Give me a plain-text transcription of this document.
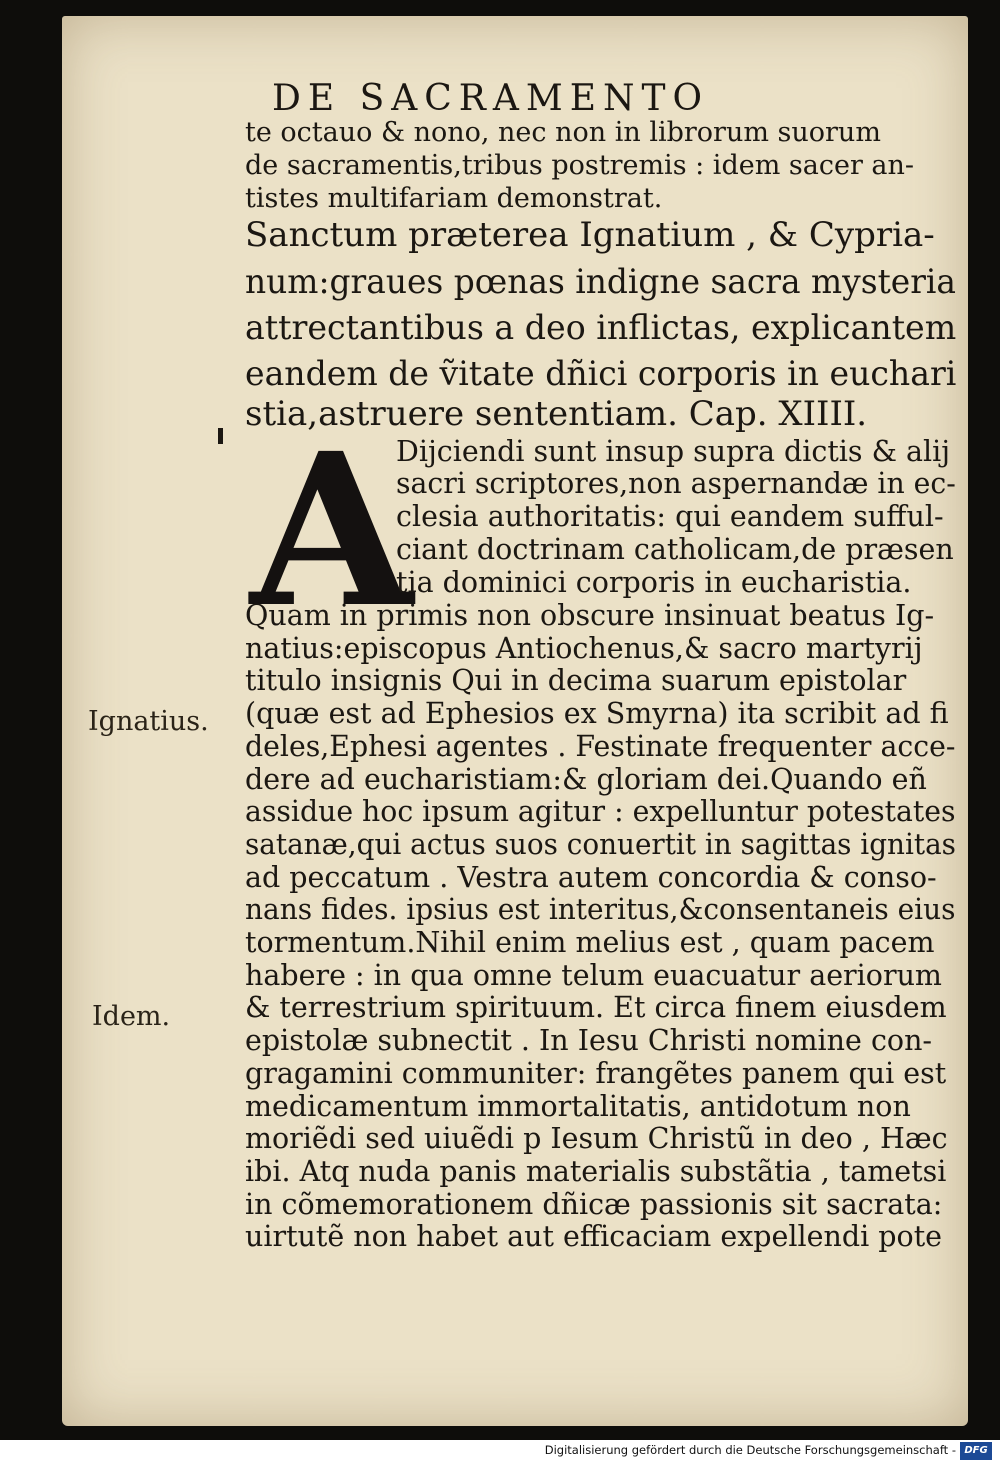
DE SACRAMENTO
te octauo & nono, nec non in librorum suorum
de sacramentis,tribus postremis : idem sacer an-
tistes multifariam demonstrat.
Sanctum præterea Ignatium , & Cypria-
num:graues pœnas indigne sacra mysteria
attrectantibus a deo inflictas, explicantem
eandem de ṽitate dñici corporis in euchari
stia,astruere sententiam. Cap. XIIII.
A
Dijciendi sunt insup supra dictis & alij
sacri scriptores,non aspernandæ in ec-
clesia authoritatis: qui eandem sufful-
ciant doctrinam catholicam,de præsen
tia dominici corporis in eucharistia.
Quam in primis non obscure insinuat beatus Ig-
natius:episcopus Antiochenus,& sacro martyrij
titulo insignis Qui in decima suarum epistolar
(quæ est ad Ephesios ex Smyrna) ita scribit ad fi
deles,Ephesi agentes . Festinate frequenter acce-
dere ad eucharistiam:& gloriam dei.Quando eñ
assidue hoc ipsum agitur : expelluntur potestates
satanæ,qui actus suos conuertit in sagittas ignitas
ad peccatum . Vestra autem concordia & conso-
nans fides. ipsius est interitus,&consentaneis eius
tormentum.Nihil enim melius est , quam pacem
habere : in qua omne telum euacuatur aeriorum
& terrestrium spirituum. Et circa finem eiusdem
epistolæ subnectit . In Iesu Christi nomine con-
gragamini communiter: frangẽtes panem qui est
medicamentum immortalitatis, antidotum non
moriẽdi sed uiuẽdi p Iesum Christũ in deo , Hæc
ibi. Atq nuda panis materialis substãtia , tametsi
in cõmemorationem dñicæ passionis sit sacrata:
uirtutẽ non habet aut efficaciam expellendi pote
Ignatius.
Idem.
Digitalisierung gefördert durch die Deutsche Forschungsgemeinschaft - DFG
